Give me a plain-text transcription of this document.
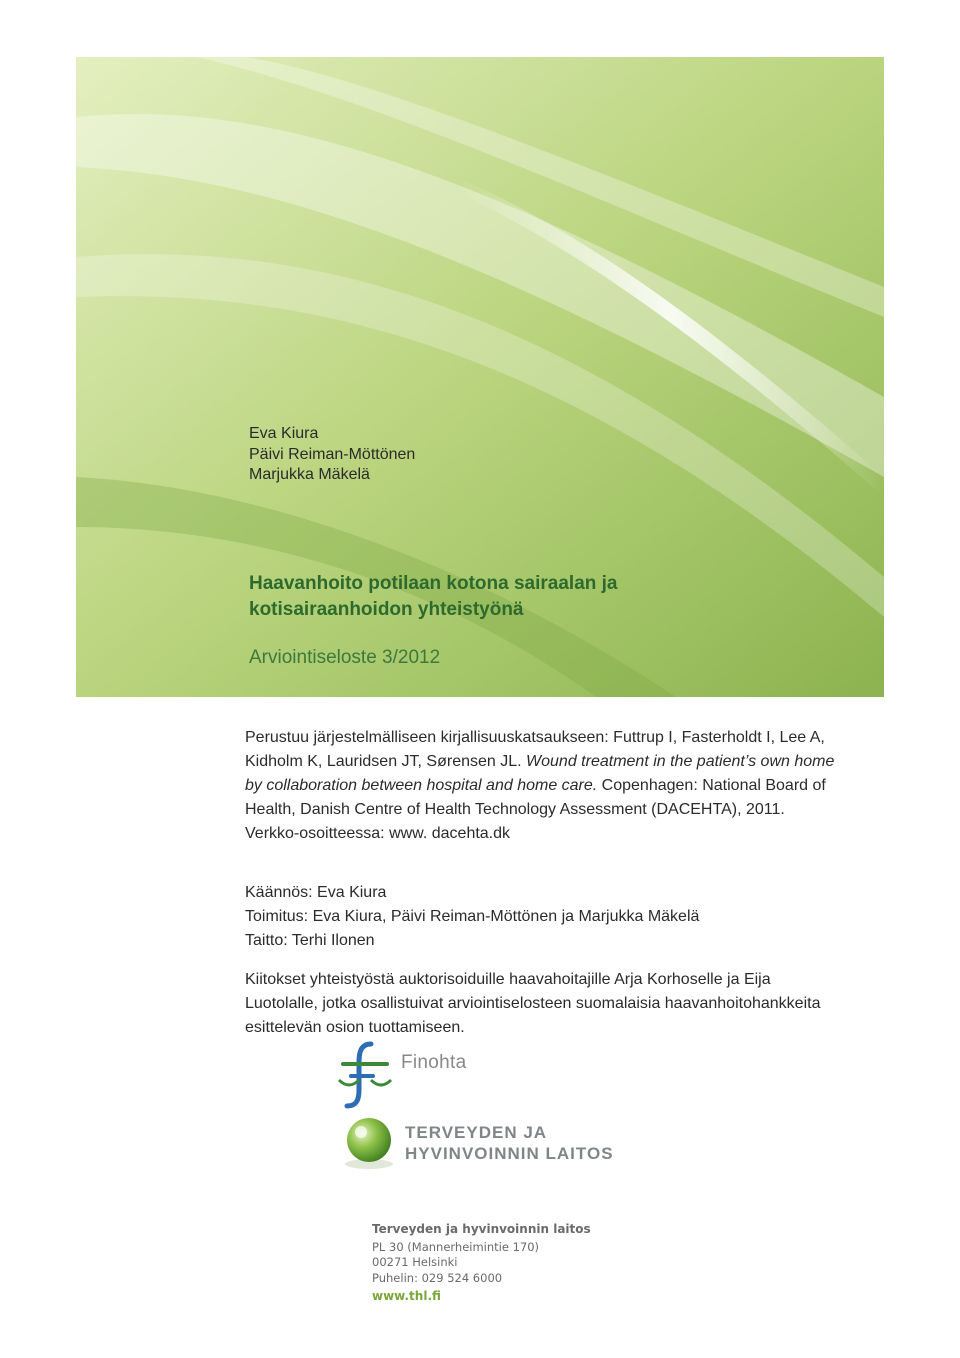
Eva Kiura
Päivi Reiman-Möttönen
Marjukka Mäkelä
Haavanhoito potilaan kotona sairaalan ja
kotisairaanhoidon yhteistyönä
Arviointiseloste 3/2012
Perustuu järjestelmälliseen kirjallisuuskatsaukseen: Futtrup I, Fasterholdt I, Lee A, Kidholm K, Lauridsen JT, Sørensen JL. Wound treatment in the patient’s own home by collaboration between hospital and home care. Copenhagen: National Board of Health, Danish Centre of Health Technology Assessment (DACEHTA), 2011.
Verkko-osoitteessa: www. dacehta.dk
Käännös: Eva Kiura
Toimitus: Eva Kiura, Päivi Reiman-Möttönen ja Marjukka Mäkelä
Taitto: Terhi Ilonen
Kiitokset yhteistyöstä auktorisoiduille haavahoitajille Arja Korhoselle ja Eija Luotolalle, jotka osallistuivat arviointiselosteen suomalaisia haavanhoitohankkeita esittelevän osion tuottamiseen.
Finohta
TERVEYDEN JA
HYVINVOINNIN LAITOS
Terveyden ja hyvinvoinnin laitos
PL 30 (Mannerheimintie 170)
00271 Helsinki
Puhelin: 029 524 6000
www.thl.fi
